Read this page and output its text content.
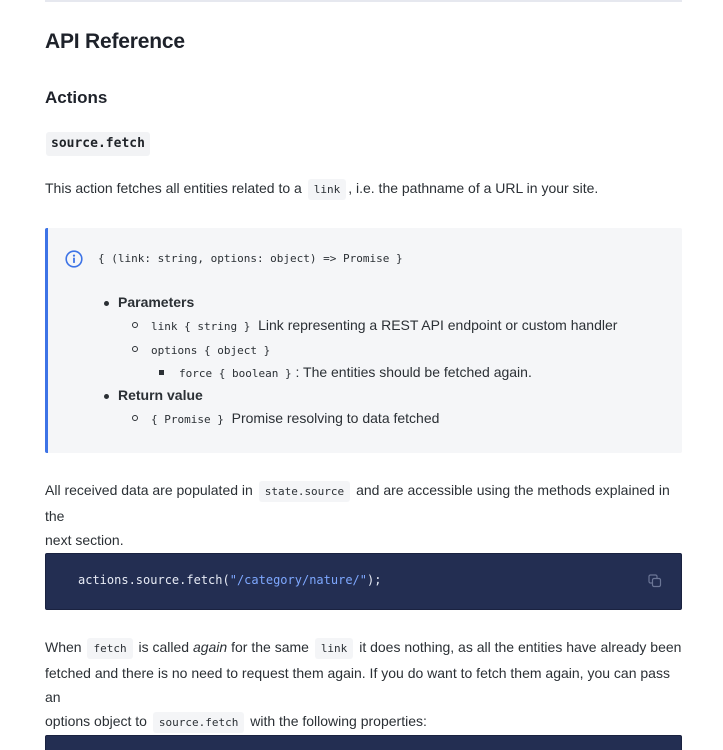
API Reference
Actions
source.fetch

This action fetches all entities related to a link , i.e. the pathname of a URL in your site.

{ (link: string, options: object) => Promise }
Parameters
link { string } Link representing a REST API endpoint or custom handler
options { object }
force { boolean } : The entities should be fetched again.
Return value
{ Promise } Promise resolving to data fetched

All received data are populated in state.source and are accessible using the methods explained in the
next section.

actions.source.fetch("/category/nature/");

When fetch is called again for the same link it does nothing, as all the entities have already been
fetched and there is no need to request them again. If you do want to fetch them again, you can pass an
options object to source.fetch with the following properties:
